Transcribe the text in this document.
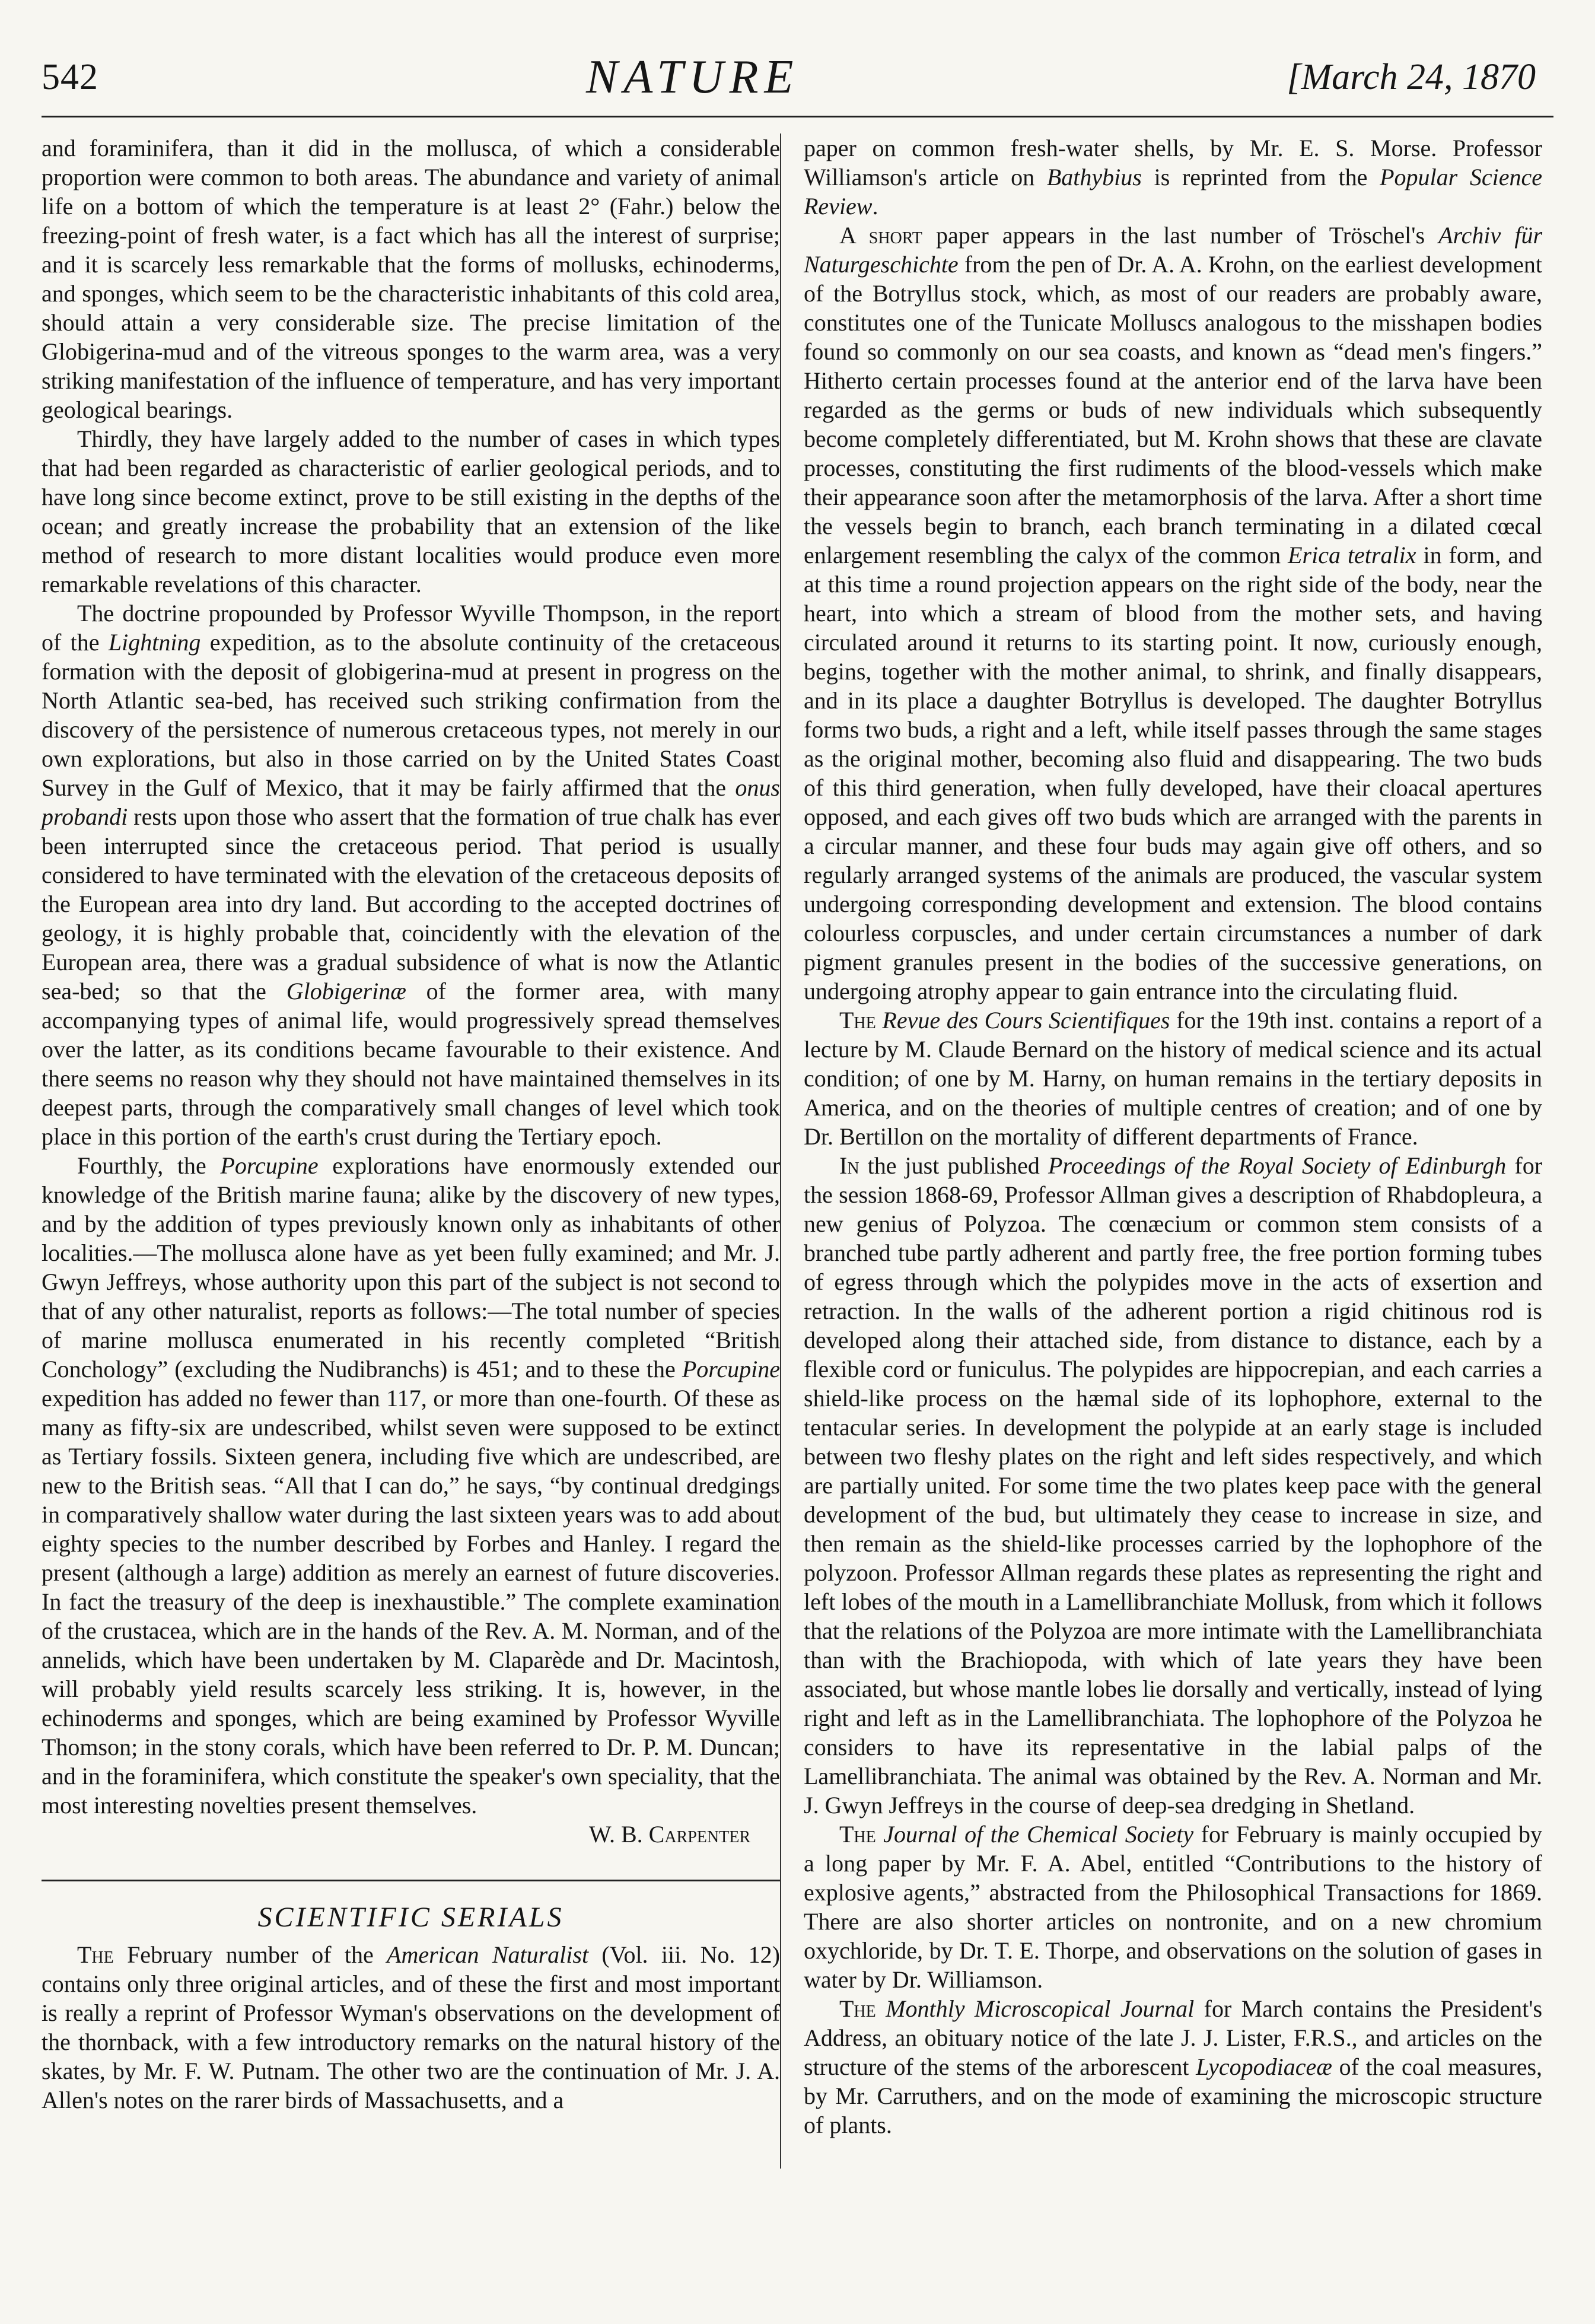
542	NATURE	[March 24, 1870

and foraminifera, than it did in the mollusca, of which a considerable proportion were common to both areas. The abundance and variety of animal life on a bottom of which the temperature is at least 2° (Fahr.) below the freezing-point of fresh water, is a fact which has all the interest of surprise; and it is scarcely less remarkable that the forms of mollusks, echinoderms, and sponges, which seem to be the characteristic inhabitants of this cold area, should attain a very considerable size. The precise limitation of the Globigerina-mud and of the vitreous sponges to the warm area, was a very striking manifestation of the influence of temperature, and has very important geological bearings.

Thirdly, they have largely added to the number of cases in which types that had been regarded as characteristic of earlier geological periods, and to have long since become extinct, prove to be still existing in the depths of the ocean; and greatly increase the probability that an extension of the like method of research to more distant localities would produce even more remarkable revelations of this character.

The doctrine propounded by Professor Wyville Thompson, in the report of the Lightning expedition, as to the absolute continuity of the cretaceous formation with the deposit of globigerina-mud at present in progress on the North Atlantic sea-bed, has received such striking confirmation from the discovery of the persistence of numerous cretaceous types, not merely in our own explorations, but also in those carried on by the United States Coast Survey in the Gulf of Mexico, that it may be fairly affirmed that the onus probandi rests upon those who assert that the formation of true chalk has ever been interrupted since the cretaceous period. That period is usually considered to have terminated with the elevation of the cretaceous deposits of the European area into dry land. But according to the accepted doctrines of geology, it is highly probable that, coincidently with the elevation of the European area, there was a gradual subsidence of what is now the Atlantic sea-bed; so that the Globigerinæ of the former area, with many accompanying types of animal life, would progressively spread themselves over the latter, as its conditions became favourable to their existence. And there seems no reason why they should not have maintained themselves in its deepest parts, through the comparatively small changes of level which took place in this portion of the earth's crust during the Tertiary epoch.

Fourthly, the Porcupine explorations have enormously extended our knowledge of the British marine fauna; alike by the discovery of new types, and by the addition of types previously known only as inhabitants of other localities.—The mollusca alone have as yet been fully examined; and Mr. J. Gwyn Jeffreys, whose authority upon this part of the subject is not second to that of any other naturalist, reports as follows:—The total number of species of marine mollusca enumerated in his recently completed “British Conchology” (excluding the Nudibranchs) is 451; and to these the Porcupine expedition has added no fewer than 117, or more than one-fourth. Of these as many as fifty-six are undescribed, whilst seven were supposed to be extinct as Tertiary fossils. Sixteen genera, including five which are undescribed, are new to the British seas. “All that I can do,” he says, “by continual dredgings in comparatively shallow water during the last sixteen years was to add about eighty species to the number described by Forbes and Hanley. I regard the present (although a large) addition as merely an earnest of future discoveries. In fact the treasury of the deep is inexhaustible.” The complete examination of the crustacea, which are in the hands of the Rev. A. M. Norman, and of the annelids, which have been undertaken by M. Claparède and Dr. Macintosh, will probably yield results scarcely less striking. It is, however, in the echinoderms and sponges, which are being examined by Professor Wyville Thomson; in the stony corals, which have been referred to Dr. P. M. Duncan; and in the foraminifera, which constitute the speaker's own speciality, that the most interesting novelties present themselves.

W. B. Carpenter
SCIENTIFIC SERIALS

The February number of the American Naturalist (Vol. iii. No. 12) contains only three original articles, and of these the first and most important is really a reprint of Professor Wyman's observations on the development of the thornback, with a few introductory remarks on the natural history of the skates, by Mr. F. W. Putnam. The other two are the continuation of Mr. J. A. Allen's notes on the rarer birds of Massachusetts, and a

paper on common fresh-water shells, by Mr. E. S. Morse. Professor Williamson's article on Bathybius is reprinted from the Popular Science Review.

A short paper appears in the last number of Tröschel's Archiv für Naturgeschichte from the pen of Dr. A. A. Krohn, on the earliest development of the Botryllus stock, which, as most of our readers are probably aware, constitutes one of the Tunicate Molluscs analogous to the misshapen bodies found so commonly on our sea coasts, and known as “dead men's fingers.” Hitherto certain processes found at the anterior end of the larva have been regarded as the germs or buds of new individuals which subsequently become completely differentiated, but M. Krohn shows that these are clavate processes, constituting the first rudiments of the blood-vessels which make their appearance soon after the metamorphosis of the larva. After a short time the vessels begin to branch, each branch terminating in a dilated cœcal enlargement resembling the calyx of the common Erica tetralix in form, and at this time a round projection appears on the right side of the body, near the heart, into which a stream of blood from the mother sets, and having circulated around it returns to its starting point. It now, curiously enough, begins, together with the mother animal, to shrink, and finally disappears, and in its place a daughter Botryllus is developed. The daughter Botryllus forms two buds, a right and a left, while itself passes through the same stages as the original mother, becoming also fluid and disappearing. The two buds of this third generation, when fully developed, have their cloacal apertures opposed, and each gives off two buds which are arranged with the parents in a circular manner, and these four buds may again give off others, and so regularly arranged systems of the animals are produced, the vascular system undergoing corresponding development and extension. The blood contains colourless corpuscles, and under certain circumstances a number of dark pigment granules present in the bodies of the successive generations, on undergoing atrophy appear to gain entrance into the circulating fluid.

The Revue des Cours Scientifiques for the 19th inst. contains a report of a lecture by M. Claude Bernard on the history of medical science and its actual condition; of one by M. Harny, on human remains in the tertiary deposits in America, and on the theories of multiple centres of creation; and of one by Dr. Bertillon on the mortality of different departments of France.

In the just published Proceedings of the Royal Society of Edinburgh for the session 1868-69, Professor Allman gives a description of Rhabdopleura, a new genius of Polyzoa. The cœnæcium or common stem consists of a branched tube partly adherent and partly free, the free portion forming tubes of egress through which the polypides move in the acts of exsertion and retraction. In the walls of the adherent portion a rigid chitinous rod is developed along their attached side, from distance to distance, each by a flexible cord or funiculus. The polypides are hippocrepian, and each carries a shield-like process on the hæmal side of its lophophore, external to the tentacular series. In development the polypide at an early stage is included between two fleshy plates on the right and left sides respectively, and which are partially united. For some time the two plates keep pace with the general development of the bud, but ultimately they cease to increase in size, and then remain as the shield-like processes carried by the lophophore of the polyzoon. Professor Allman regards these plates as representing the right and left lobes of the mouth in a Lamellibranchiate Mollusk, from which it follows that the relations of the Polyzoa are more intimate with the Lamellibranchiata than with the Brachiopoda, with which of late years they have been associated, but whose mantle lobes lie dorsally and vertically, instead of lying right and left as in the Lamellibranchiata. The lophophore of the Polyzoa he considers to have its representative in the labial palps of the Lamellibranchiata. The animal was obtained by the Rev. A. Norman and Mr. J. Gwyn Jeffreys in the course of deep-sea dredging in Shetland.

The Journal of the Chemical Society for February is mainly occupied by a long paper by Mr. F. A. Abel, entitled “Contributions to the history of explosive agents,” abstracted from the Philosophical Transactions for 1869. There are also shorter articles on nontronite, and on a new chromium oxychloride, by Dr. T. E. Thorpe, and observations on the solution of gases in water by Dr. Williamson.

The Monthly Microscopical Journal for March contains the President's Address, an obituary notice of the late J. J. Lister, F.R.S., and articles on the structure of the stems of the arborescent Lycopodiaceæ of the coal measures, by Mr. Carruthers, and on the mode of examining the microscopic structure of plants.
